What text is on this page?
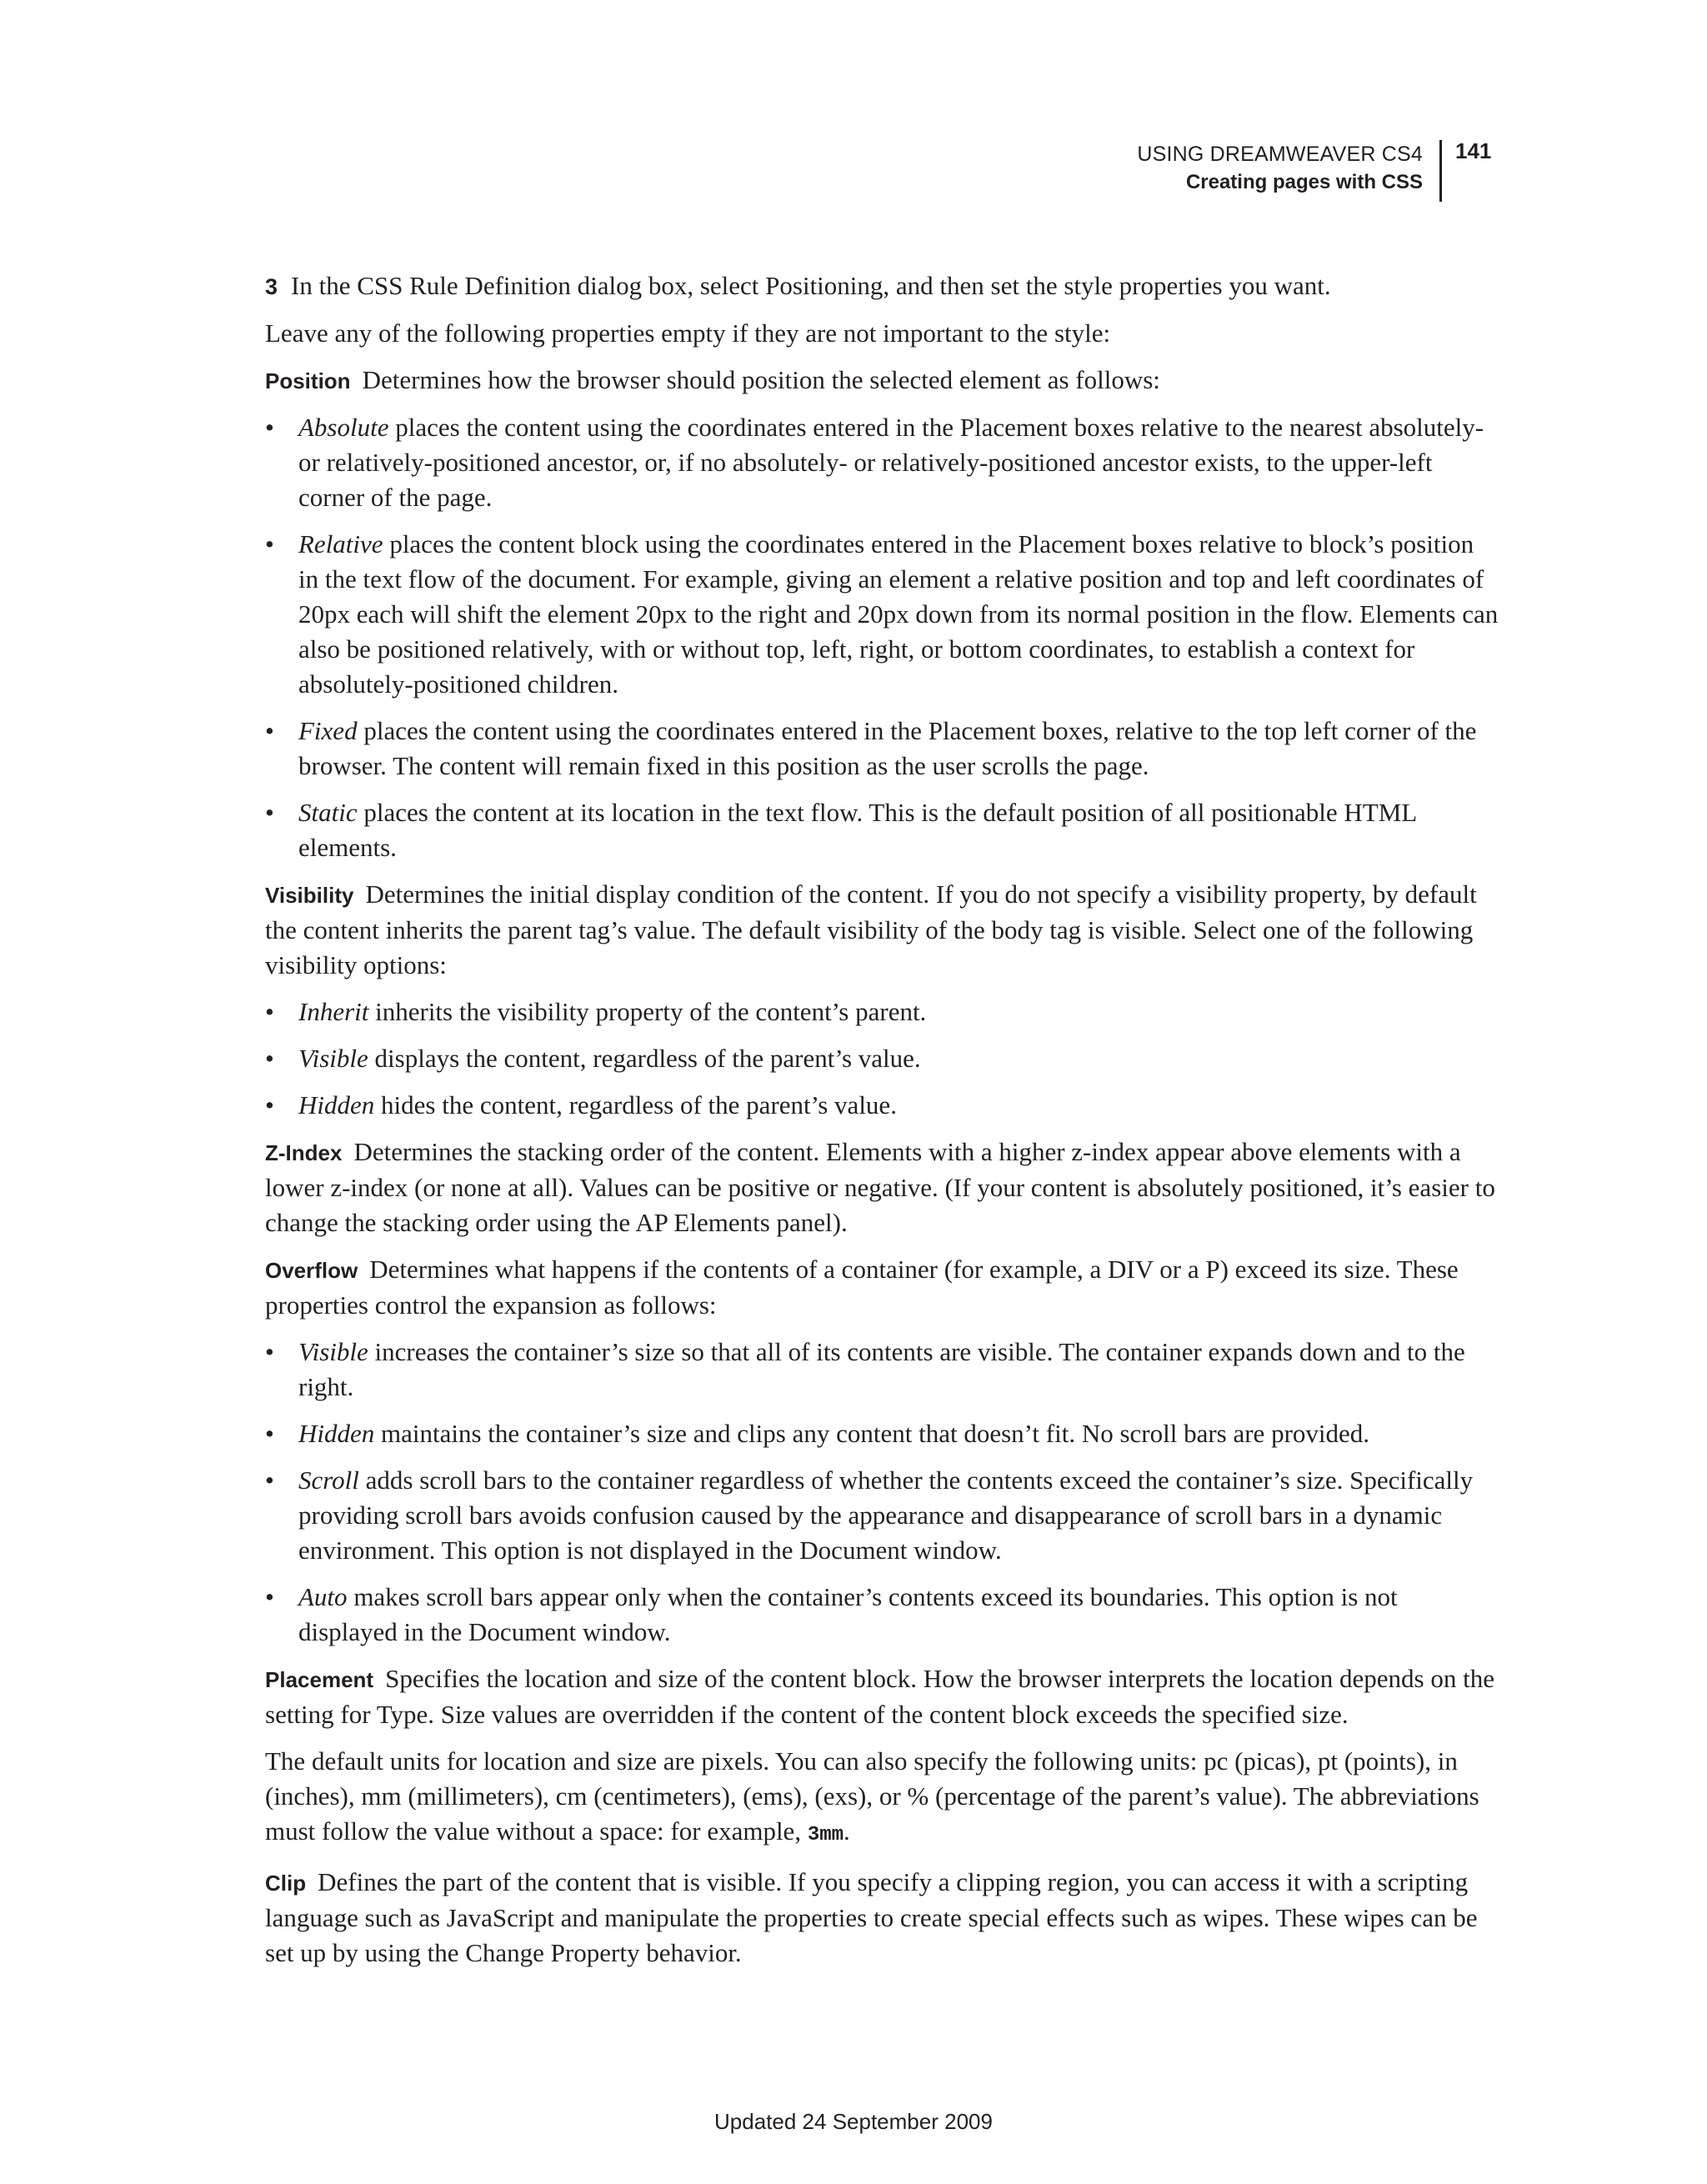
USING DREAMWEAVER CS4
Creating pages with CSS
141

3 In the CSS Rule Definition dialog box, select Positioning, and then set the style properties you want.

Leave any of the following properties empty if they are not important to the style:

Position Determines how the browser should position the selected element as follows:

• Absolute places the content using the coordinates entered in the Placement boxes relative to the nearest absolutely- or relatively-positioned ancestor, or, if no absolutely- or relatively-positioned ancestor exists, to the upper-left corner of the page.
• Relative places the content block using the coordinates entered in the Placement boxes relative to block’s position in the text flow of the document. For example, giving an element a relative position and top and left coordinates of 20px each will shift the element 20px to the right and 20px down from its normal position in the flow. Elements can also be positioned relatively, with or without top, left, right, or bottom coordinates, to establish a context for absolutely-positioned children.
• Fixed places the content using the coordinates entered in the Placement boxes, relative to the top left corner of the browser. The content will remain fixed in this position as the user scrolls the page.
• Static places the content at its location in the text flow. This is the default position of all positionable HTML elements.

Visibility Determines the initial display condition of the content. If you do not specify a visibility property, by default the content inherits the parent tag’s value. The default visibility of the body tag is visible. Select one of the following visibility options:

• Inherit inherits the visibility property of the content’s parent.
• Visible displays the content, regardless of the parent’s value.
• Hidden hides the content, regardless of the parent’s value.

Z-Index Determines the stacking order of the content. Elements with a higher z-index appear above elements with a lower z-index (or none at all). Values can be positive or negative. (If your content is absolutely positioned, it’s easier to change the stacking order using the AP Elements panel).

Overflow Determines what happens if the contents of a container (for example, a DIV or a P) exceed its size. These properties control the expansion as follows:

• Visible increases the container’s size so that all of its contents are visible. The container expands down and to the right.
• Hidden maintains the container’s size and clips any content that doesn’t fit. No scroll bars are provided.
• Scroll adds scroll bars to the container regardless of whether the contents exceed the container’s size. Specifically providing scroll bars avoids confusion caused by the appearance and disappearance of scroll bars in a dynamic environment. This option is not displayed in the Document window.
• Auto makes scroll bars appear only when the container’s contents exceed its boundaries. This option is not displayed in the Document window.

Placement Specifies the location and size of the content block. How the browser interprets the location depends on the setting for Type. Size values are overridden if the content of the content block exceeds the specified size.

The default units for location and size are pixels. You can also specify the following units: pc (picas), pt (points), in (inches), mm (millimeters), cm (centimeters), (ems), (exs), or % (percentage of the parent’s value). The abbreviations must follow the value without a space: for example, 3mm.

Clip Defines the part of the content that is visible. If you specify a clipping region, you can access it with a scripting language such as JavaScript and manipulate the properties to create special effects such as wipes. These wipes can be set up by using the Change Property behavior.

Updated 24 September 2009
